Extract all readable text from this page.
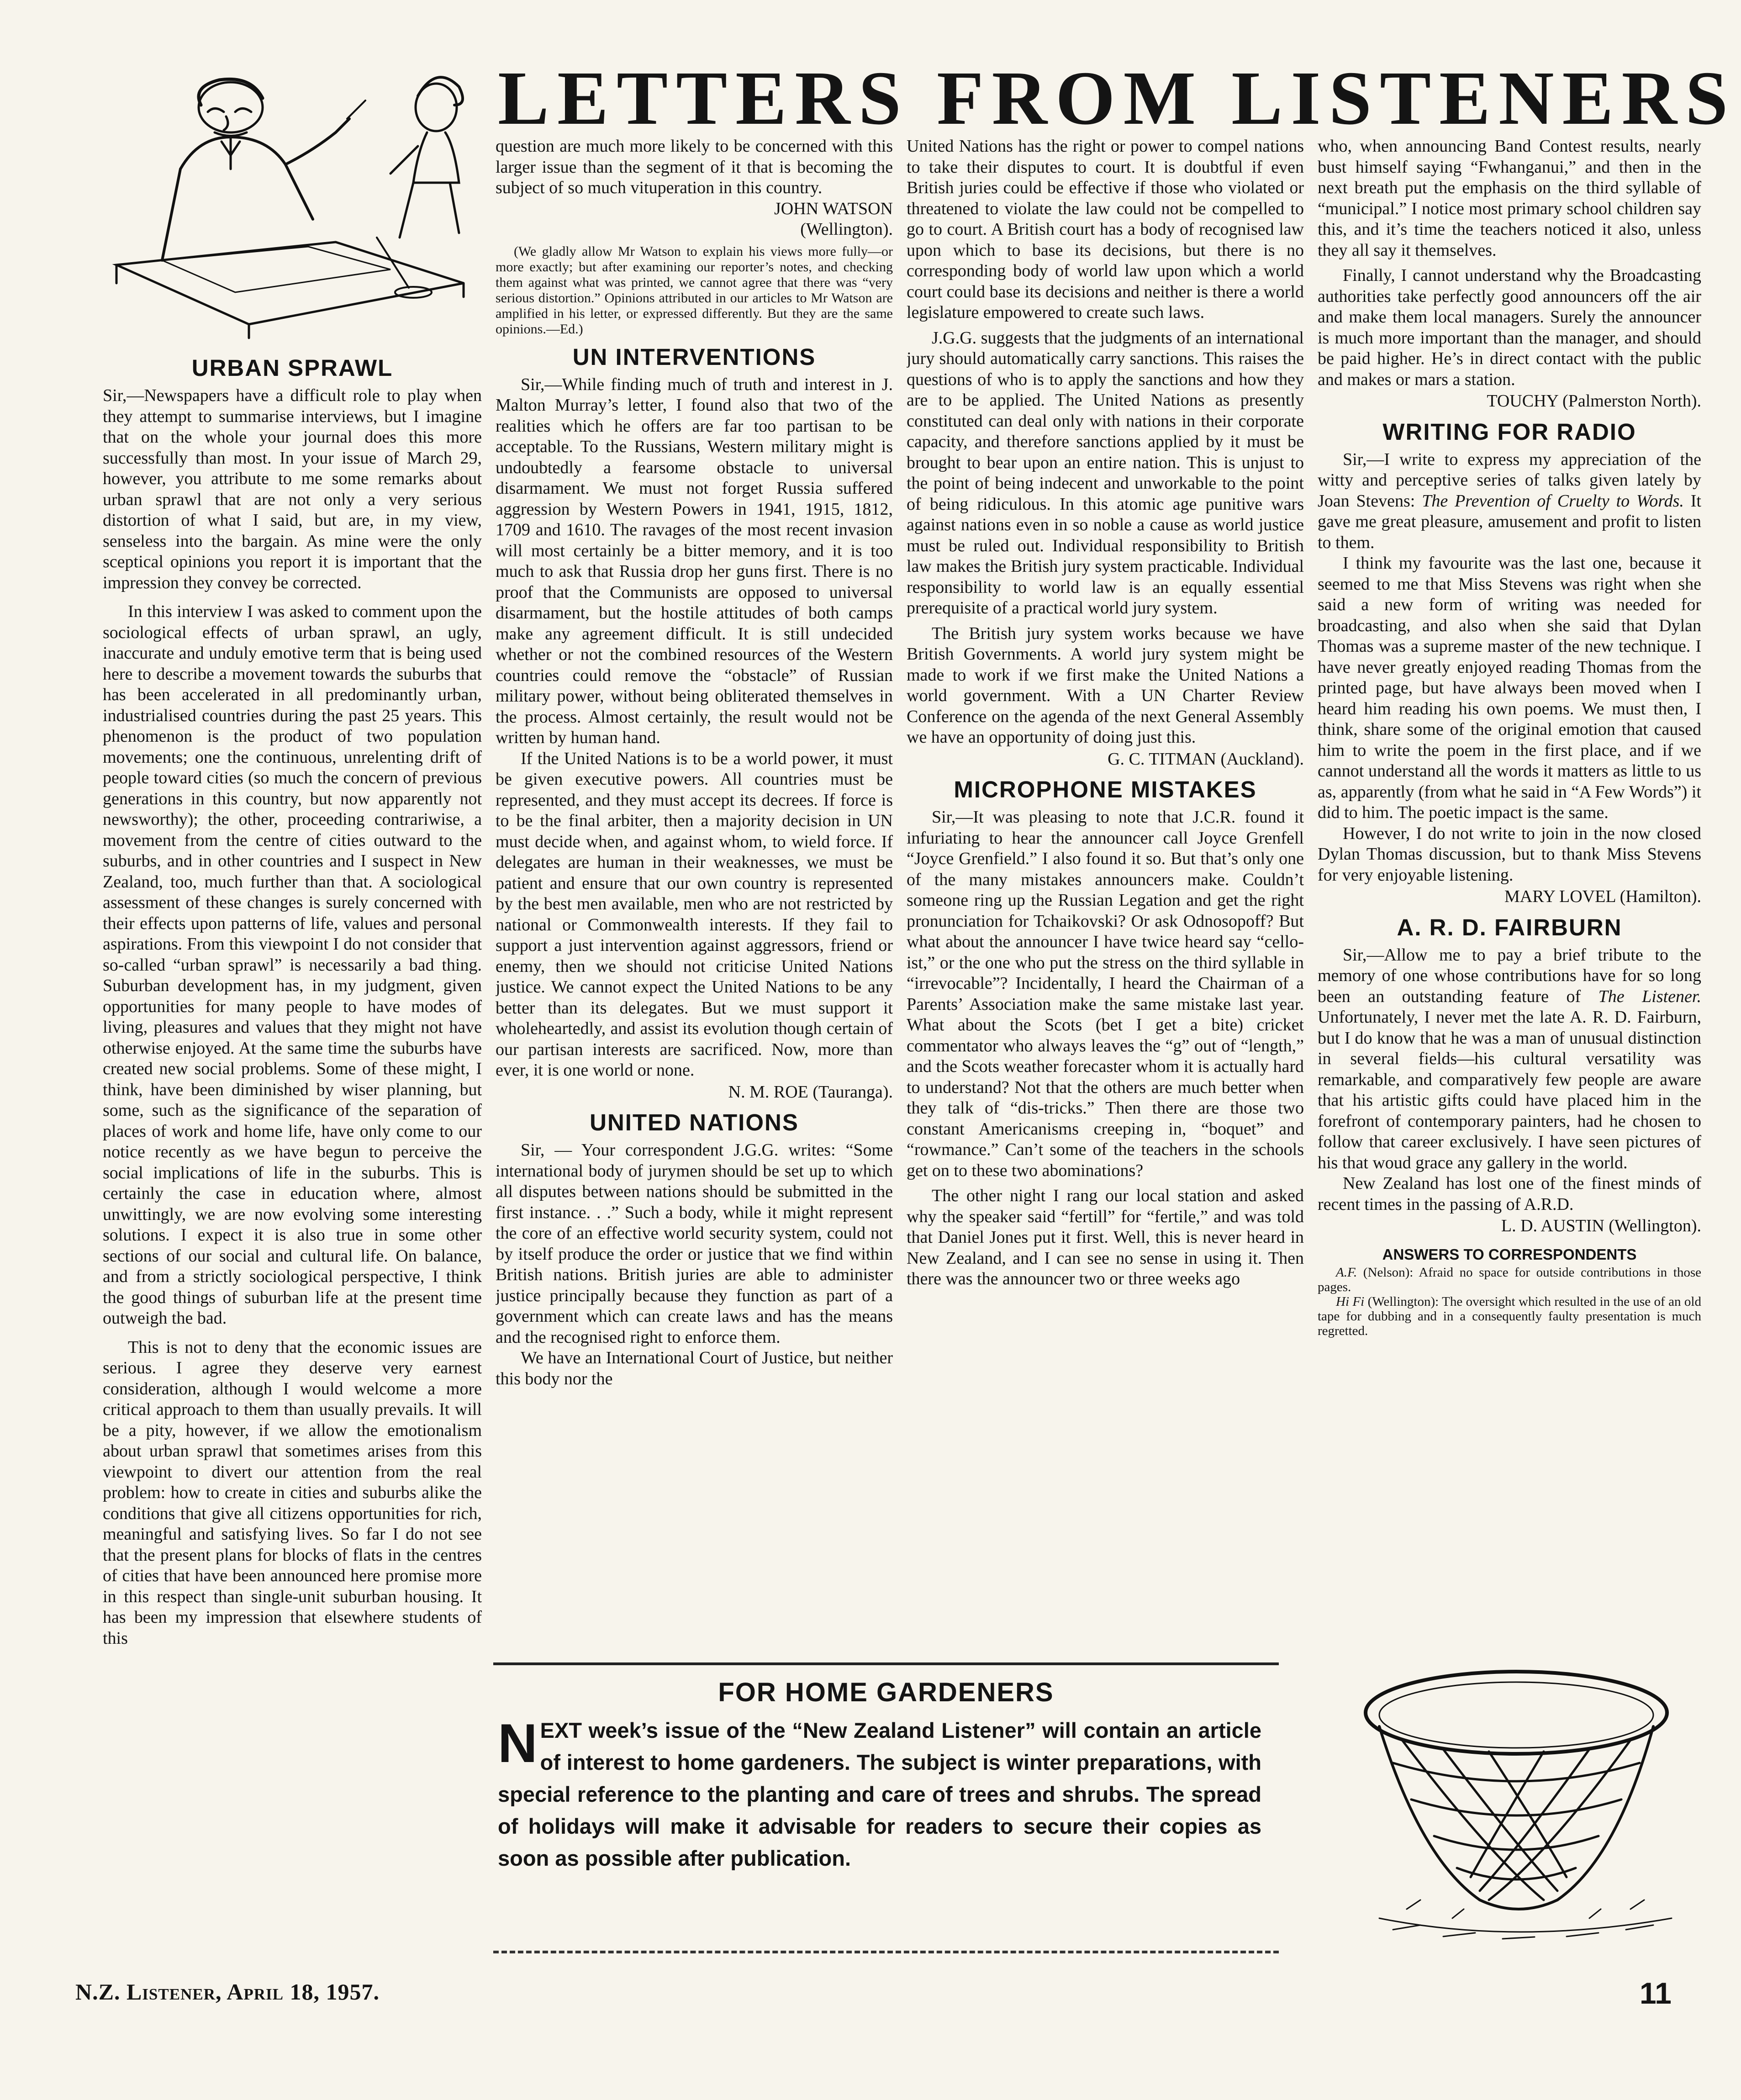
LETTERS FROM LISTENERS
URBAN SPRAWL

Sir,—Newspapers have a difficult role to play when they attempt to summarise interviews, but I imagine that on the whole your journal does this more successfully than most. In your issue of March 29, however, you attribute to me some remarks about urban sprawl that are not only a very serious distortion of what I said, but are, in my view, senseless into the bargain. As mine were the only sceptical opinions you report it is important that the impression they convey be corrected.

In this interview I was asked to comment upon the sociological effects of urban sprawl, an ugly, inaccurate and unduly emotive term that is being used here to describe a movement towards the suburbs that has been accelerated in all predominantly urban, industrialised countries during the past 25 years. This phenomenon is the product of two population movements; one the continuous, unrelenting drift of people toward cities (so much the concern of previous generations in this country, but now apparently not newsworthy); the other, proceeding contrariwise, a movement from the centre of cities outward to the suburbs, and in other countries and I suspect in New Zealand, too, much further than that. A sociological assessment of these changes is surely concerned with their effects upon patterns of life, values and personal aspirations. From this viewpoint I do not consider that so-called “urban sprawl” is necessarily a bad thing. Suburban development has, in my judgment, given opportunities for many people to have modes of living, pleasures and values that they might not have otherwise enjoyed. At the same time the suburbs have created new social problems. Some of these might, I think, have been diminished by wiser planning, but some, such as the significance of the separation of places of work and home life, have only come to our notice recently as we have begun to perceive the social implications of life in the suburbs. This is certainly the case in education where, almost unwittingly, we are now evolving some interesting solutions. I expect it is also true in some other sections of our social and cultural life. On balance, and from a strictly sociological perspective, I think the good things of suburban life at the present time outweigh the bad.

This is not to deny that the economic issues are serious. I agree they deserve very earnest consideration, although I would welcome a more critical approach to them than usually prevails. It will be a pity, however, if we allow the emotionalism about urban sprawl that sometimes arises from this viewpoint to divert our attention from the real problem: how to create in cities and suburbs alike the conditions that give all citizens opportunities for rich, meaningful and satisfying lives. So far I do not see that the present plans for blocks of flats in the centres of cities that have been announced here promise more in this respect than single-unit suburban housing. It has been my impression that elsewhere students of this

question are much more likely to be concerned with this larger issue than the segment of it that is becoming the subject of so much vituperation in this country.

JOHN WATSON
(Wellington).

(We gladly allow Mr Watson to explain his views more fully—or more exactly; but after examining our reporter’s notes, and checking them against what was printed, we cannot agree that there was “very serious distortion.” Opinions attributed in our articles to Mr Watson are amplified in his letter, or expressed differently. But they are the same opinions.—Ed.)

UN INTERVENTIONS

Sir,—While finding much of truth and interest in J. Malton Murray’s letter, I found also that two of the realities which he offers are far too partisan to be acceptable. To the Russians, Western military might is undoubtedly a fearsome obstacle to universal disarmament. We must not forget Russia suffered aggression by Western Powers in 1941, 1915, 1812, 1709 and 1610. The ravages of the most recent invasion will most certainly be a bitter memory, and it is too much to ask that Russia drop her guns first. There is no proof that the Communists are opposed to universal disarmament, but the hostile attitudes of both camps make any agreement difficult. It is still undecided whether or not the combined resources of the Western countries could remove the “obstacle” of Russian military power, without being obliterated themselves in the process. Almost certainly, the result would not be written by human hand.

If the United Nations is to be a world power, it must be given executive powers. All countries must be represented, and they must accept its decrees. If force is to be the final arbiter, then a majority decision in UN must decide when, and against whom, to wield force. If delegates are human in their weaknesses, we must be patient and ensure that our own country is represented by the best men available, men who are not restricted by national or Commonwealth interests. If they fail to support a just intervention against aggressors, friend or enemy, then we should not criticise United Nations justice. We cannot expect the United Nations to be any better than its delegates. But we must support it wholeheartedly, and assist its evolution though certain of our partisan interests are sacrificed. Now, more than ever, it is one world or none.

N. M. ROE (Tauranga).
UNITED NATIONS

Sir, — Your correspondent J.G.G. writes: “Some international body of jurymen should be set up to which all disputes between nations should be submitted in the first instance. . .” Such a body, while it might represent the core of an effective world security system, could not by itself produce the order or justice that we find within British nations. British juries are able to administer justice principally because they function as part of a government which can create laws and has the means and the recognised right to enforce them.

We have an International Court of Justice, but neither this body nor the

United Nations has the right or power to compel nations to take their disputes to court. It is doubtful if even British juries could be effective if those who violated or threatened to violate the law could not be compelled to go to court. A British court has a body of recognised law upon which to base its decisions, but there is no corresponding body of world law upon which a world court could base its decisions and neither is there a world legislature empowered to create such laws.

J.G.G. suggests that the judgments of an international jury should automatically carry sanctions. This raises the questions of who is to apply the sanctions and how they are to be applied. The United Nations as presently constituted can deal only with nations in their corporate capacity, and therefore sanctions applied by it must be brought to bear upon an entire nation. This is unjust to the point of being indecent and unworkable to the point of being ridiculous. In this atomic age punitive wars against nations even in so noble a cause as world justice must be ruled out. Individual responsibility to British law makes the British jury system practicable. Individual responsibility to world law is an equally essential prerequisite of a practical world jury system.

The British jury system works because we have British Governments. A world jury system might be made to work if we first make the United Nations a world government. With a UN Charter Review Conference on the agenda of the next General Assembly we have an opportunity of doing just this.

G. C. TITMAN (Auckland).
MICROPHONE MISTAKES

Sir,—It was pleasing to note that J.C.R. found it infuriating to hear the announcer call Joyce Grenfell “Joyce Grenfield.” I also found it so. But that’s only one of the many mistakes announcers make. Couldn’t someone ring up the Russian Legation and get the right pronunciation for Tchaikovski? Or ask Odnosopoff? But what about the announcer I have twice heard say “cello-ist,” or the one who put the stress on the third syllable in “irrevocable”? Incidentally, I heard the Chairman of a Parents’ Association make the same mistake last year. What about the Scots (bet I get a bite) cricket commentator who always leaves the “g” out of “length,” and the Scots weather forecaster whom it is actually hard to understand? Not that the others are much better when they talk of “dis-tricks.” Then there are those two constant Americanisms creeping in, “boquet” and “rowmance.” Can’t some of the teachers in the schools get on to these two abominations?

The other night I rang our local station and asked why the speaker said “fertill” for “fertile,” and was told that Daniel Jones put it first. Well, this is never heard in New Zealand, and I can see no sense in using it. Then there was the announcer two or three weeks ago

who, when announcing Band Contest results, nearly bust himself saying “Fwhanganui,” and then in the next breath put the emphasis on the third syllable of “municipal.” I notice most primary school children say this, and it’s time the teachers noticed it also, unless they all say it themselves.

Finally, I cannot understand why the Broadcasting authorities take perfectly good announcers off the air and make them local managers. Surely the announcer is much more important than the manager, and should be paid higher. He’s in direct contact with the public and makes or mars a station.

TOUCHY (Palmerston North).
WRITING FOR RADIO

Sir,—I write to express my appreciation of the witty and perceptive series of talks given lately by Joan Stevens: The Prevention of Cruelty to Words. It gave me great pleasure, amusement and profit to listen to them.

I think my favourite was the last one, because it seemed to me that Miss Stevens was right when she said a new form of writing was needed for broadcasting, and also when she said that Dylan Thomas was a supreme master of the new technique. I have never greatly enjoyed reading Thomas from the printed page, but have always been moved when I heard him reading his own poems. We must then, I think, share some of the original emotion that caused him to write the poem in the first place, and if we cannot understand all the words it matters as little to us as, apparently (from what he said in “A Few Words”) it did to him. The poetic impact is the same.

However, I do not write to join in the now closed Dylan Thomas discussion, but to thank Miss Stevens for very enjoyable listening.

MARY LOVEL (Hamilton).
A. R. D. FAIRBURN

Sir,—Allow me to pay a brief tribute to the memory of one whose contributions have for so long been an outstanding feature of The Listener. Unfortunately, I never met the late A. R. D. Fairburn, but I do know that he was a man of unusual distinction in several fields—his cultural versatility was remarkable, and comparatively few people are aware that his artistic gifts could have placed him in the forefront of contemporary painters, had he chosen to follow that career exclusively. I have seen pictures of his that woud grace any gallery in the world.

New Zealand has lost one of the finest minds of recent times in the passing of A.R.D.

L. D. AUSTIN (Wellington).
ANSWERS TO CORRESPONDENTS

A.F. (Nelson): Afraid no space for outside contributions in those pages.

Hi Fi (Wellington): The oversight which resulted in the use of an old tape for dubbing and in a consequently faulty presentation is much regretted.

FOR HOME GARDENERS
NEXT week’s issue of the “New Zealand Listener” will contain an article of interest to home gardeners. The subject is winter preparations, with special reference to the planting and care of trees and shrubs. The spread of holidays will make it advisable for readers to secure their copies as soon as possible after publication.
N.Z. Listener, April 18, 1957.	11
